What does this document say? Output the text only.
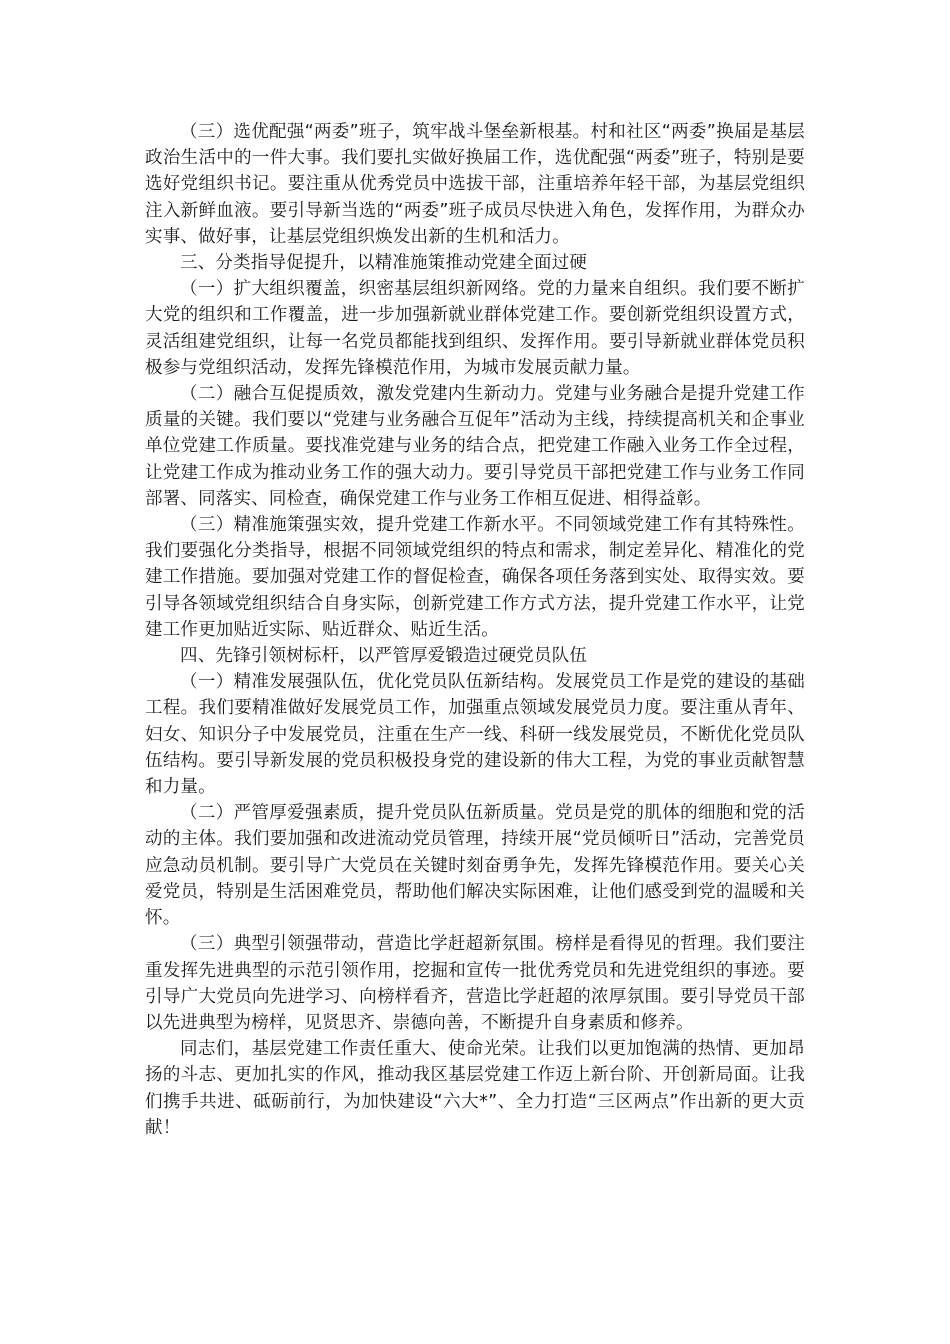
（三）选优配强“两委”班子，筑牢战斗堡垒新根基。村和社区“两委”换届是基层政治生活中的一件大事。我们要扎实做好换届工作，选优配强“两委”班子，特别是要选好党组织书记。要注重从优秀党员中选拔干部，注重培养年轻干部，为基层党组织注入新鲜血液。要引导新当选的“两委”班子成员尽快进入角色，发挥作用，为群众办实事、做好事，让基层党组织焕发出新的生机和活力。

三、分类指导促提升，以精准施策推动党建全面过硬

（一）扩大组织覆盖，织密基层组织新网络。党的力量来自组织。我们要不断扩大党的组织和工作覆盖，进一步加强新就业群体党建工作。要创新党组织设置方式，灵活组建党组织，让每一名党员都能找到组织、发挥作用。要引导新就业群体党员积极参与党组织活动，发挥先锋模范作用，为城市发展贡献力量。

（二）融合互促提质效，激发党建内生新动力。党建与业务融合是提升党建工作质量的关键。我们要以“党建与业务融合互促年”活动为主线，持续提高机关和企事业单位党建工作质量。要找准党建与业务的结合点，把党建工作融入业务工作全过程，让党建工作成为推动业务工作的强大动力。要引导党员干部把党建工作与业务工作同部署、同落实、同检查，确保党建工作与业务工作相互促进、相得益彰。

（三）精准施策强实效，提升党建工作新水平。不同领域党建工作有其特殊性。我们要强化分类指导，根据不同领域党组织的特点和需求，制定差异化、精准化的党建工作措施。要加强对党建工作的督促检查，确保各项任务落到实处、取得实效。要引导各领域党组织结合自身实际，创新党建工作方式方法，提升党建工作水平，让党建工作更加贴近实际、贴近群众、贴近生活。

四、先锋引领树标杆，以严管厚爱锻造过硬党员队伍

（一）精准发展强队伍，优化党员队伍新结构。发展党员工作是党的建设的基础工程。我们要精准做好发展党员工作，加强重点领域发展党员力度。要注重从青年、妇女、知识分子中发展党员，注重在生产一线、科研一线发展党员，不断优化党员队伍结构。要引导新发展的党员积极投身党的建设新的伟大工程，为党的事业贡献智慧和力量。

（二）严管厚爱强素质，提升党员队伍新质量。党员是党的肌体的细胞和党的活动的主体。我们要加强和改进流动党员管理，持续开展“党员倾听日”活动，完善党员应急动员机制。要引导广大党员在关键时刻奋勇争先，发挥先锋模范作用。要关心关爱党员，特别是生活困难党员，帮助他们解决实际困难，让他们感受到党的温暖和关怀。

（三）典型引领强带动，营造比学赶超新氛围。榜样是看得见的哲理。我们要注重发挥先进典型的示范引领作用，挖掘和宣传一批优秀党员和先进党组织的事迹。要引导广大党员向先进学习、向榜样看齐，营造比学赶超的浓厚氛围。要引导党员干部以先进典型为榜样，见贤思齐、崇德向善，不断提升自身素质和修养。

同志们，基层党建工作责任重大、使命光荣。让我们以更加饱满的热情、更加昂扬的斗志、更加扎实的作风，推动我区基层党建工作迈上新台阶、开创新局面。让我们携手共进、砥砺前行，为加快建设“六大*”、全力打造“三区两点”作出新的更大贡献！
